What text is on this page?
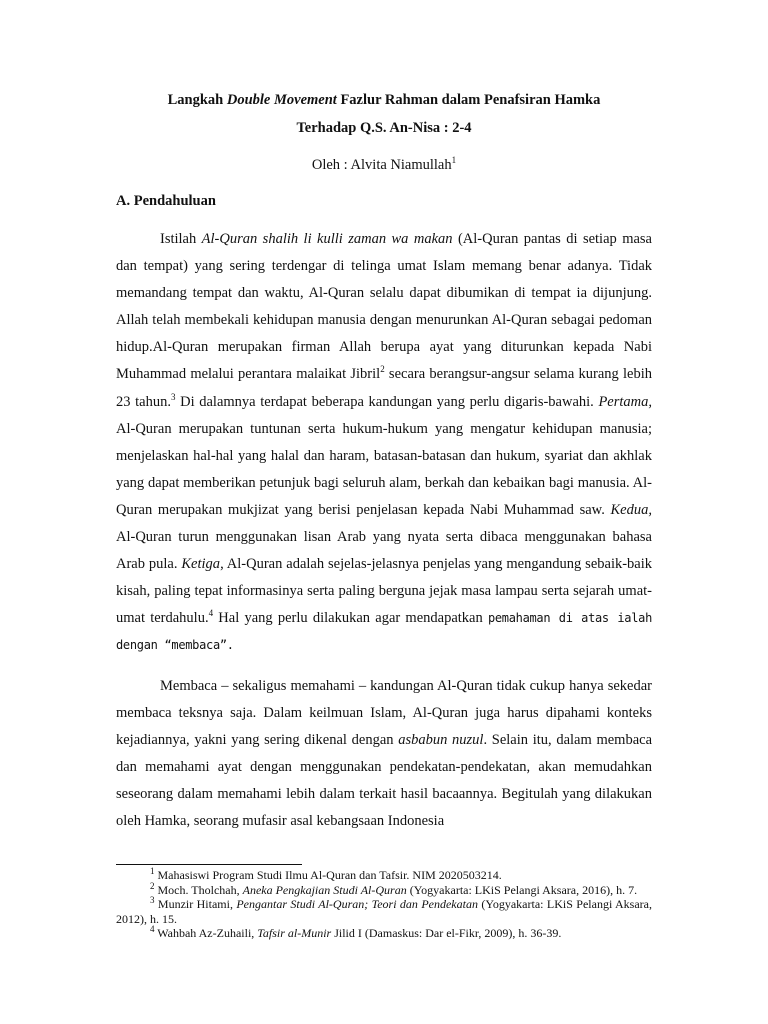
Langkah Double Movement Fazlur Rahman dalam Penafsiran Hamka
Terhadap Q.S. An-Nisa : 2-4
Oleh : Alvita Niamullah$^1$
A. Pendahuluan

Istilah Al-Quran shalih li kulli zaman wa makan (Al-Quran pantas di setiap masa dan tempat) yang sering terdengar di telinga umat Islam memang benar adanya. Tidak memandang tempat dan waktu, Al-Quran selalu dapat dibumikan di tempat ia dijunjung. Allah telah membekali kehidupan manusia dengan menurunkan Al-Quran sebagai pedoman hidup.Al-Quran merupakan firman Allah berupa ayat yang diturunkan kepada Nabi Muhammad melalui perantara malaikat Jibril$^2$ secara berangsur-angsur selama kurang lebih 23 tahun.$^3$ Di dalamnya terdapat beberapa kandungan yang perlu digaris-bawahi. Pertama, Al-Quran merupakan tuntunan serta hukum-hukum yang mengatur kehidupan manusia; menjelaskan hal-hal yang halal dan haram, batasan-batasan dan hukum, syariat dan akhlak yang dapat memberikan petunjuk bagi seluruh alam, berkah dan kebaikan bagi manusia. Al-Quran merupakan mukjizat yang berisi penjelasan kepada Nabi Muhammad saw. Kedua, Al-Quran turun menggunakan lisan Arab yang nyata serta dibaca menggunakan bahasa Arab pula. Ketiga, Al-Quran adalah sejelas-jelasnya penjelas yang mengandung sebaik-baik kisah, paling tepat informasinya serta paling berguna jejak masa lampau serta sejarah umat-umat terdahulu.$^4$ Hal yang perlu dilakukan agar mendapatkan pemahaman di atas ialah dengan “membaca”.

Membaca – sekaligus memahami – kandungan Al-Quran tidak cukup hanya sekedar membaca teksnya saja. Dalam keilmuan Islam, Al-Quran juga harus dipahami konteks kejadiannya, yakni yang sering dikenal dengan asbabun nuzul. Selain itu, dalam membaca dan memahami ayat dengan menggunakan pendekatan-pendekatan, akan memudahkan seseorang dalam memahami lebih dalam terkait hasil bacaannya. Begitulah yang dilakukan oleh Hamka, seorang mufasir asal kebangsaan Indonesia

$^1$ Mahasiswi Program Studi Ilmu Al-Quran dan Tafsir. NIM 2020503214.

$^2$ Moch. Tholchah, Aneka Pengkajian Studi Al-Quran (Yogyakarta: LKiS Pelangi Aksara, 2016), h. 7.

$^3$ Munzir Hitami, Pengantar Studi Al-Quran; Teori dan Pendekatan (Yogyakarta: LKiS Pelangi Aksara, 2012), h. 15.

$^4$ Wahbah Az-Zuhaili, Tafsir al-Munir Jilid I (Damaskus: Dar el-Fikr, 2009), h. 36-39.
